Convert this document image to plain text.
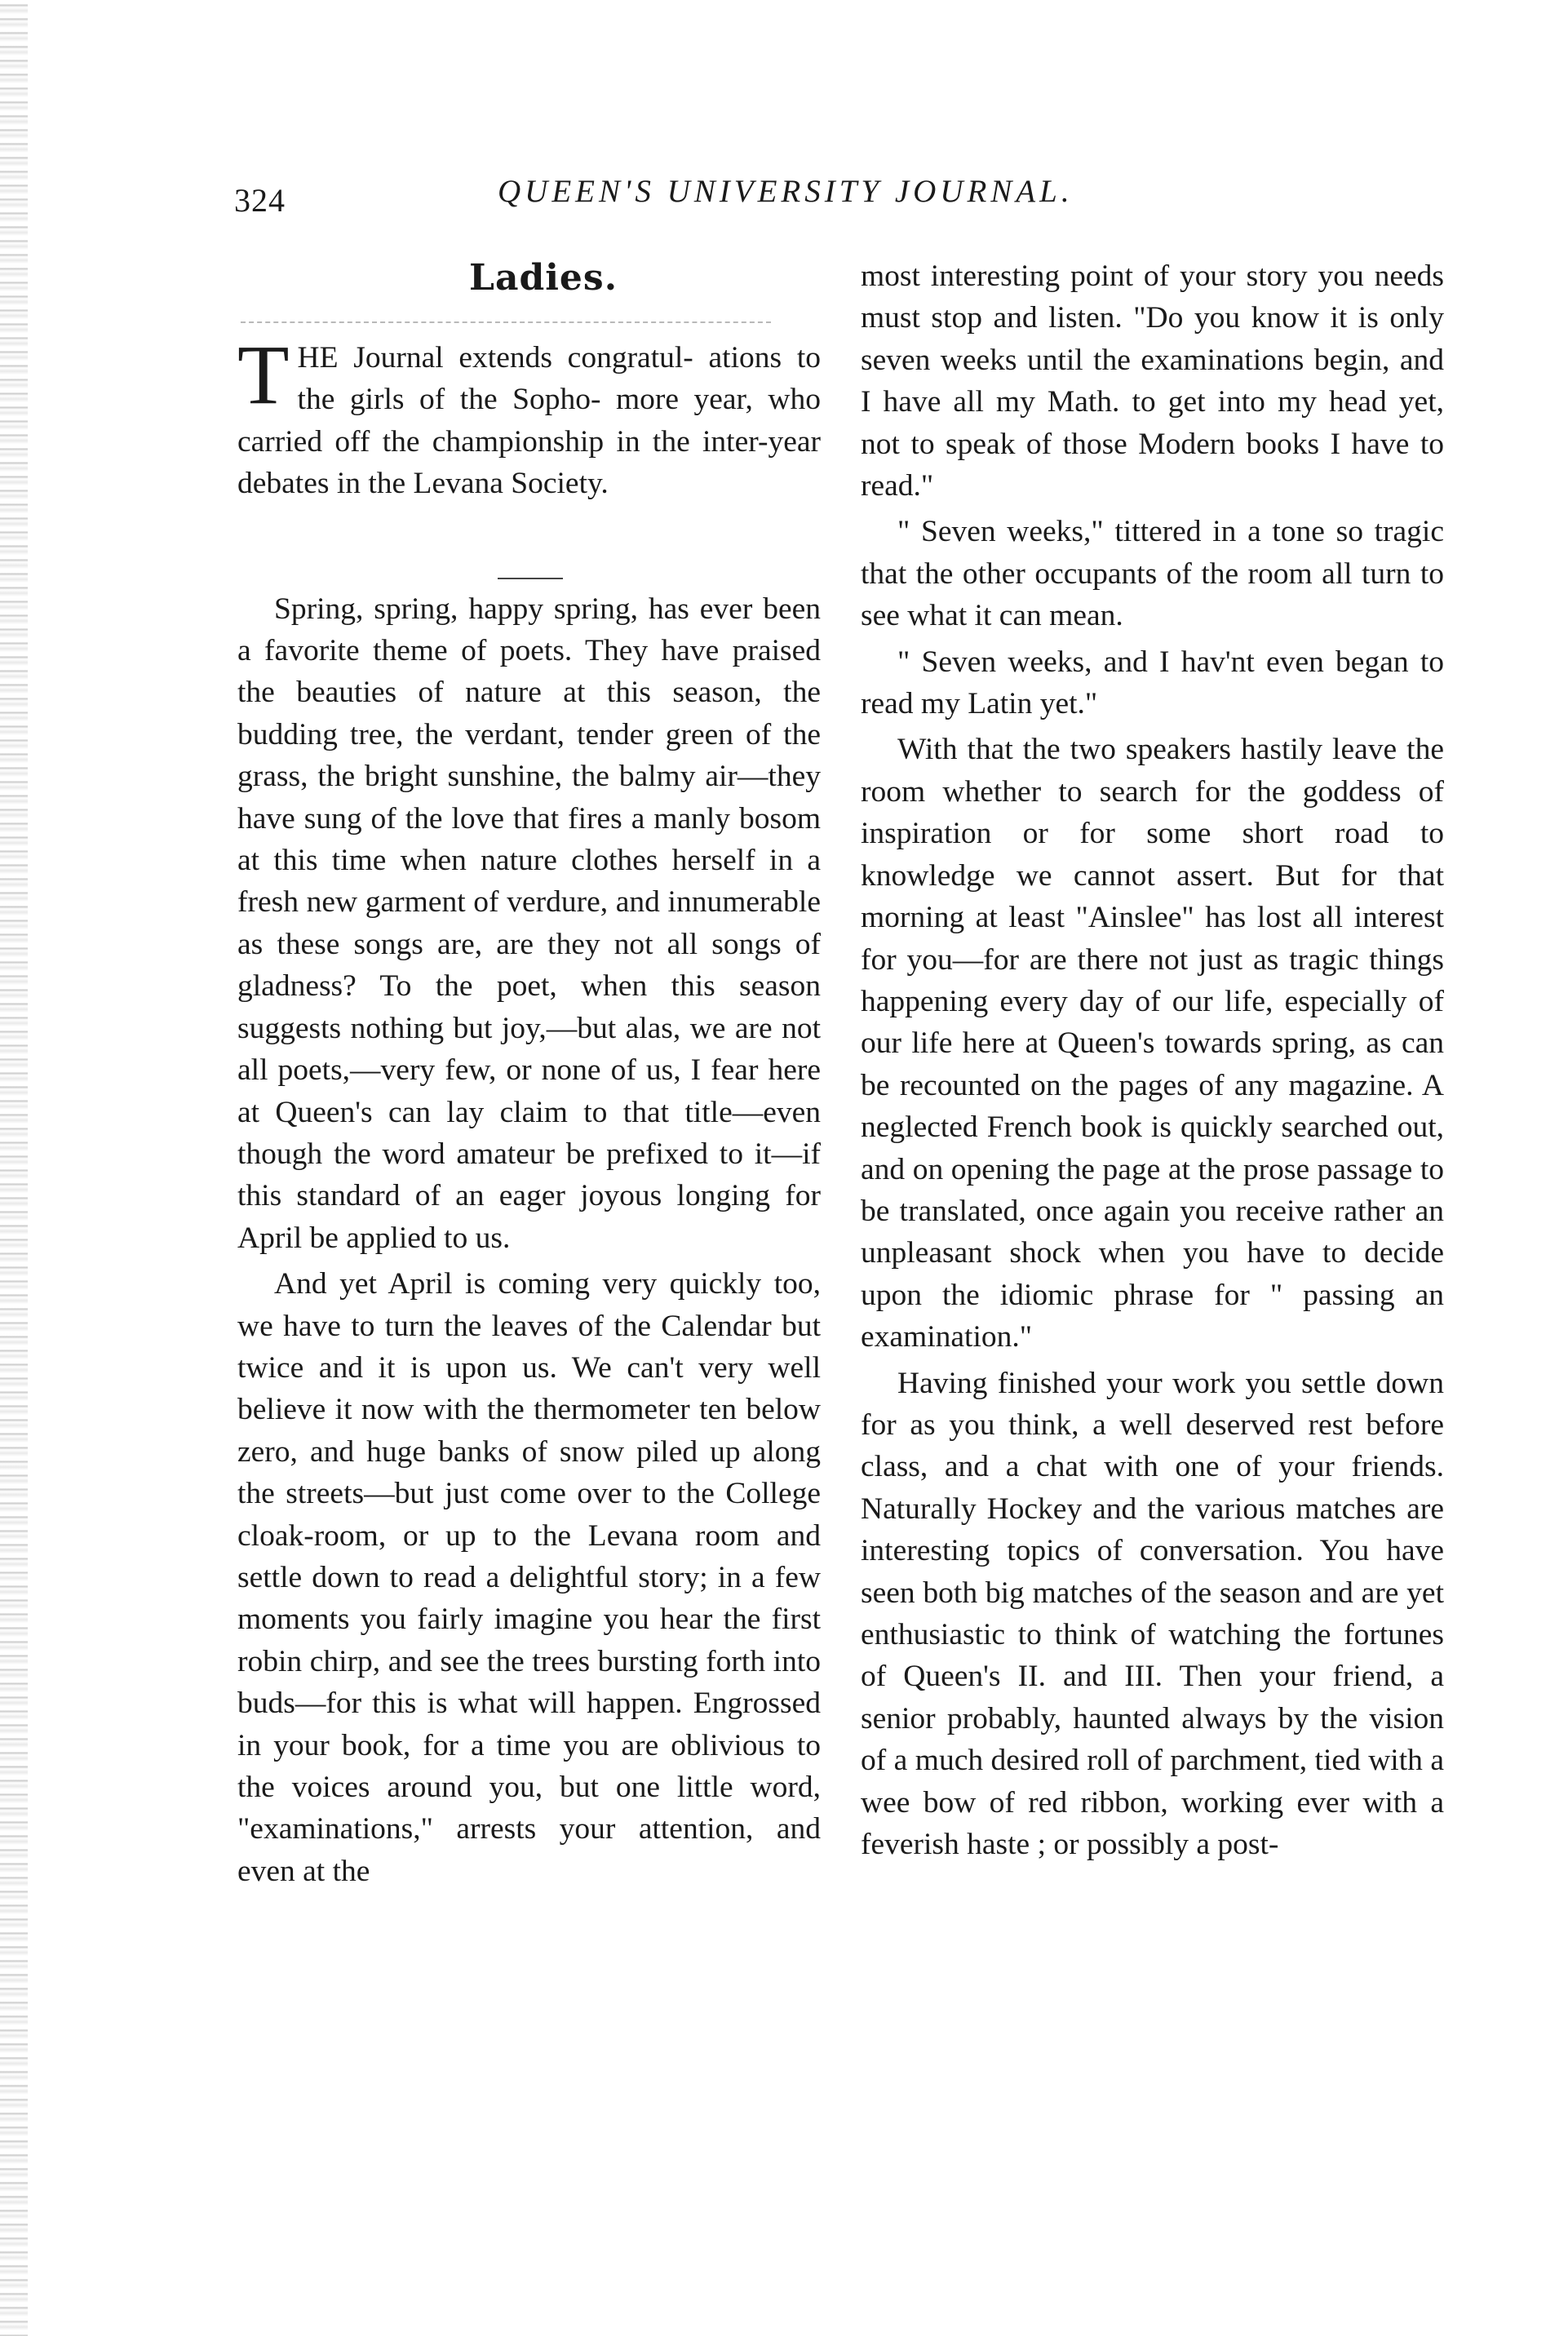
324	QUEEN'S UNIVERSITY JOURNAL.
Ladies.

THE Journal extends congratul- ations to the girls of the Sopho- more year, who carried off the championship in the inter-year debates in the Levana Society.

Spring, spring, happy spring, has ever been a favorite theme of poets. They have praised the beauties of nature at this season, the budding tree, the verdant, tender green of the grass, the bright sunshine, the balmy air—they have sung of the love that fires a manly bosom at this time when nature clothes herself in a fresh new garment of verdure, and innumerable as these songs are, are they not all songs of gladness? To the poet, when this season suggests nothing but joy,—but alas, we are not all poets,—very few, or none of us, I fear here at Queen's can lay claim to that title—even though the word amateur be prefixed to it—if this standard of an eager joyous longing for April be applied to us.

And yet April is coming very quickly too, we have to turn the leaves of the Calendar but twice and it is upon us. We can't very well believe it now with the thermometer ten below zero, and huge banks of snow piled up along the streets—but just come over to the College cloak-room, or up to the Levana room and settle down to read a delightful story; in a few moments you fairly imagine you hear the first robin chirp, and see the trees bursting forth into buds—for this is what will happen. Engrossed in your book, for a time you are oblivious to the voices around you, but one little word, "examinations," arrests your attention, and even at the

most interesting point of your story you needs must stop and listen. "Do you know it is only seven weeks until the examinations begin, and I have all my Math. to get into my head yet, not to speak of those Modern books I have to read."

" Seven weeks," tittered in a tone so tragic that the other occupants of the room all turn to see what it can mean.

" Seven weeks, and I hav'nt even began to read my Latin yet."

With that the two speakers hastily leave the room whether to search for the goddess of inspiration or for some short road to knowledge we cannot assert. But for that morning at least "Ainslee" has lost all interest for you—for are there not just as tragic things happening every day of our life, especially of our life here at Queen's towards spring, as can be recounted on the pages of any magazine. A neglected French book is quickly searched out, and on opening the page at the prose passage to be translated, once again you receive rather an unpleasant shock when you have to decide upon the idiomic phrase for " passing an examination."

Having finished your work you settle down for as you think, a well deserved rest before class, and a chat with one of your friends. Naturally Hockey and the various matches are interesting topics of conversation. You have seen both big matches of the season and are yet enthusiastic to think of watching the fortunes of Queen's II. and III. Then your friend, a senior probably, haunted always by the vision of a much desired roll of parchment, tied with a wee bow of red ribbon, working ever with a feverish haste ; or possibly a post-
